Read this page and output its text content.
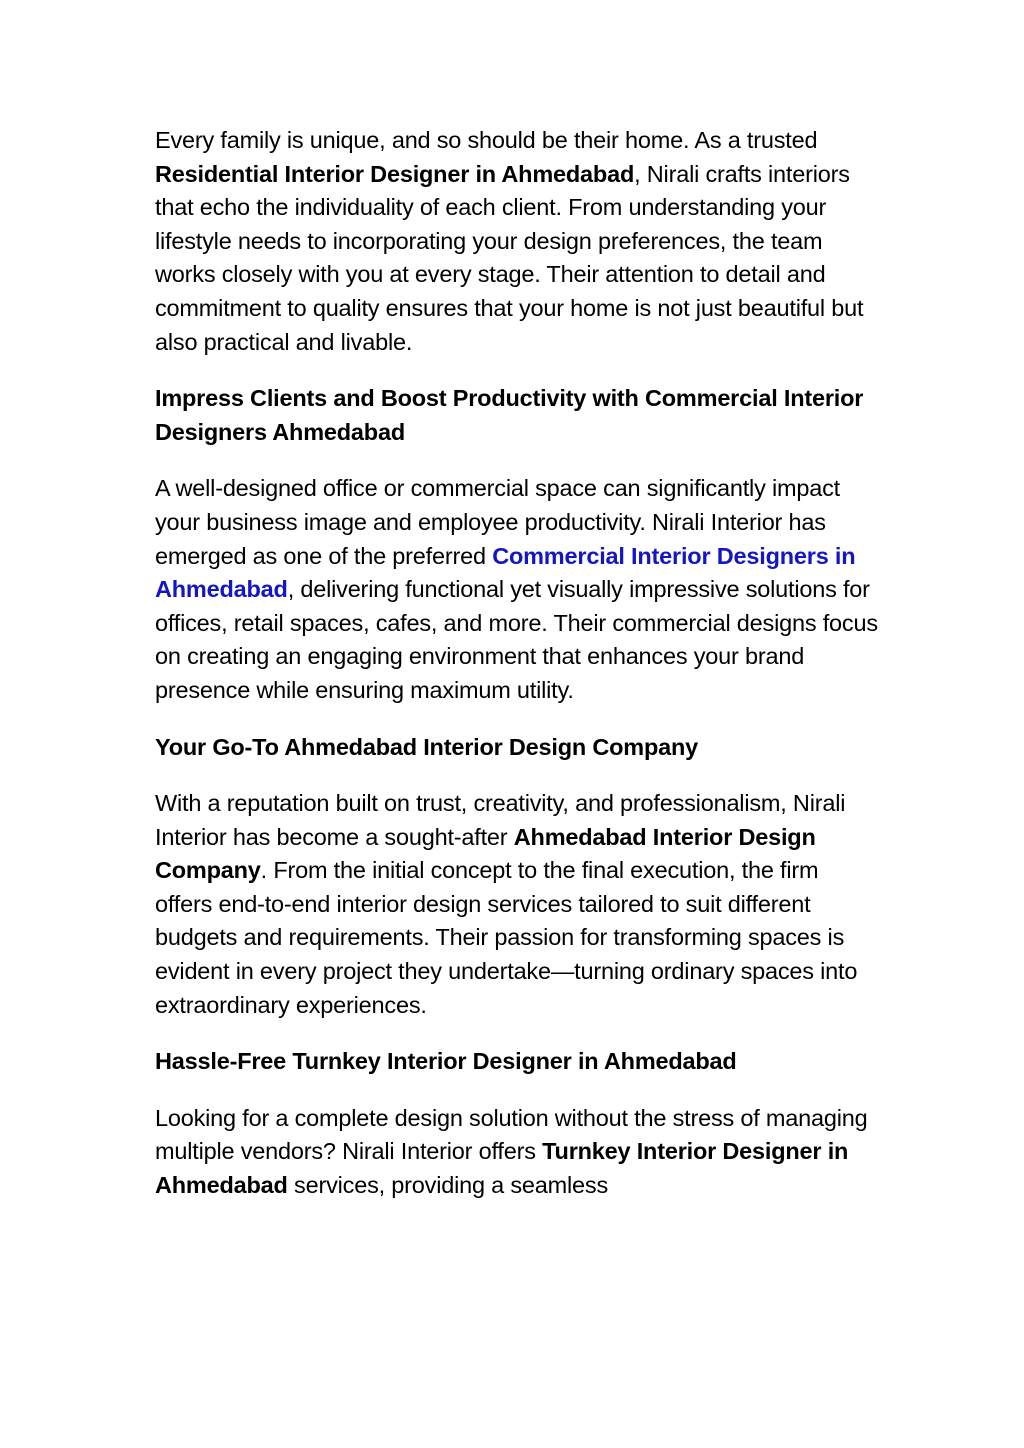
Every family is unique, and so should be their home. As a trusted Residential Interior Designer in Ahmedabad, Nirali crafts interiors that echo the individuality of each client. From understanding your lifestyle needs to incorporating your design preferences, the team works closely with you at every stage. Their attention to detail and commitment to quality ensures that your home is not just beautiful but also practical and livable.

Impress Clients and Boost Productivity with Commercial Interior Designers Ahmedabad

A well-designed office or commercial space can significantly impact your business image and employee productivity. Nirali Interior has emerged as one of the preferred Commercial Interior Designers in Ahmedabad, delivering functional yet visually impressive solutions for offices, retail spaces, cafes, and more. Their commercial designs focus on creating an engaging environment that enhances your brand presence while ensuring maximum utility.

Your Go-To Ahmedabad Interior Design Company

With a reputation built on trust, creativity, and professionalism, Nirali Interior has become a sought-after Ahmedabad Interior Design Company. From the initial concept to the final execution, the firm offers end-to-end interior design services tailored to suit different budgets and requirements. Their passion for transforming spaces is evident in every project they undertake—turning ordinary spaces into extraordinary experiences.

Hassle-Free Turnkey Interior Designer in Ahmedabad

Looking for a complete design solution without the stress of managing multiple vendors? Nirali Interior offers Turnkey Interior Designer in Ahmedabad services, providing a seamless
